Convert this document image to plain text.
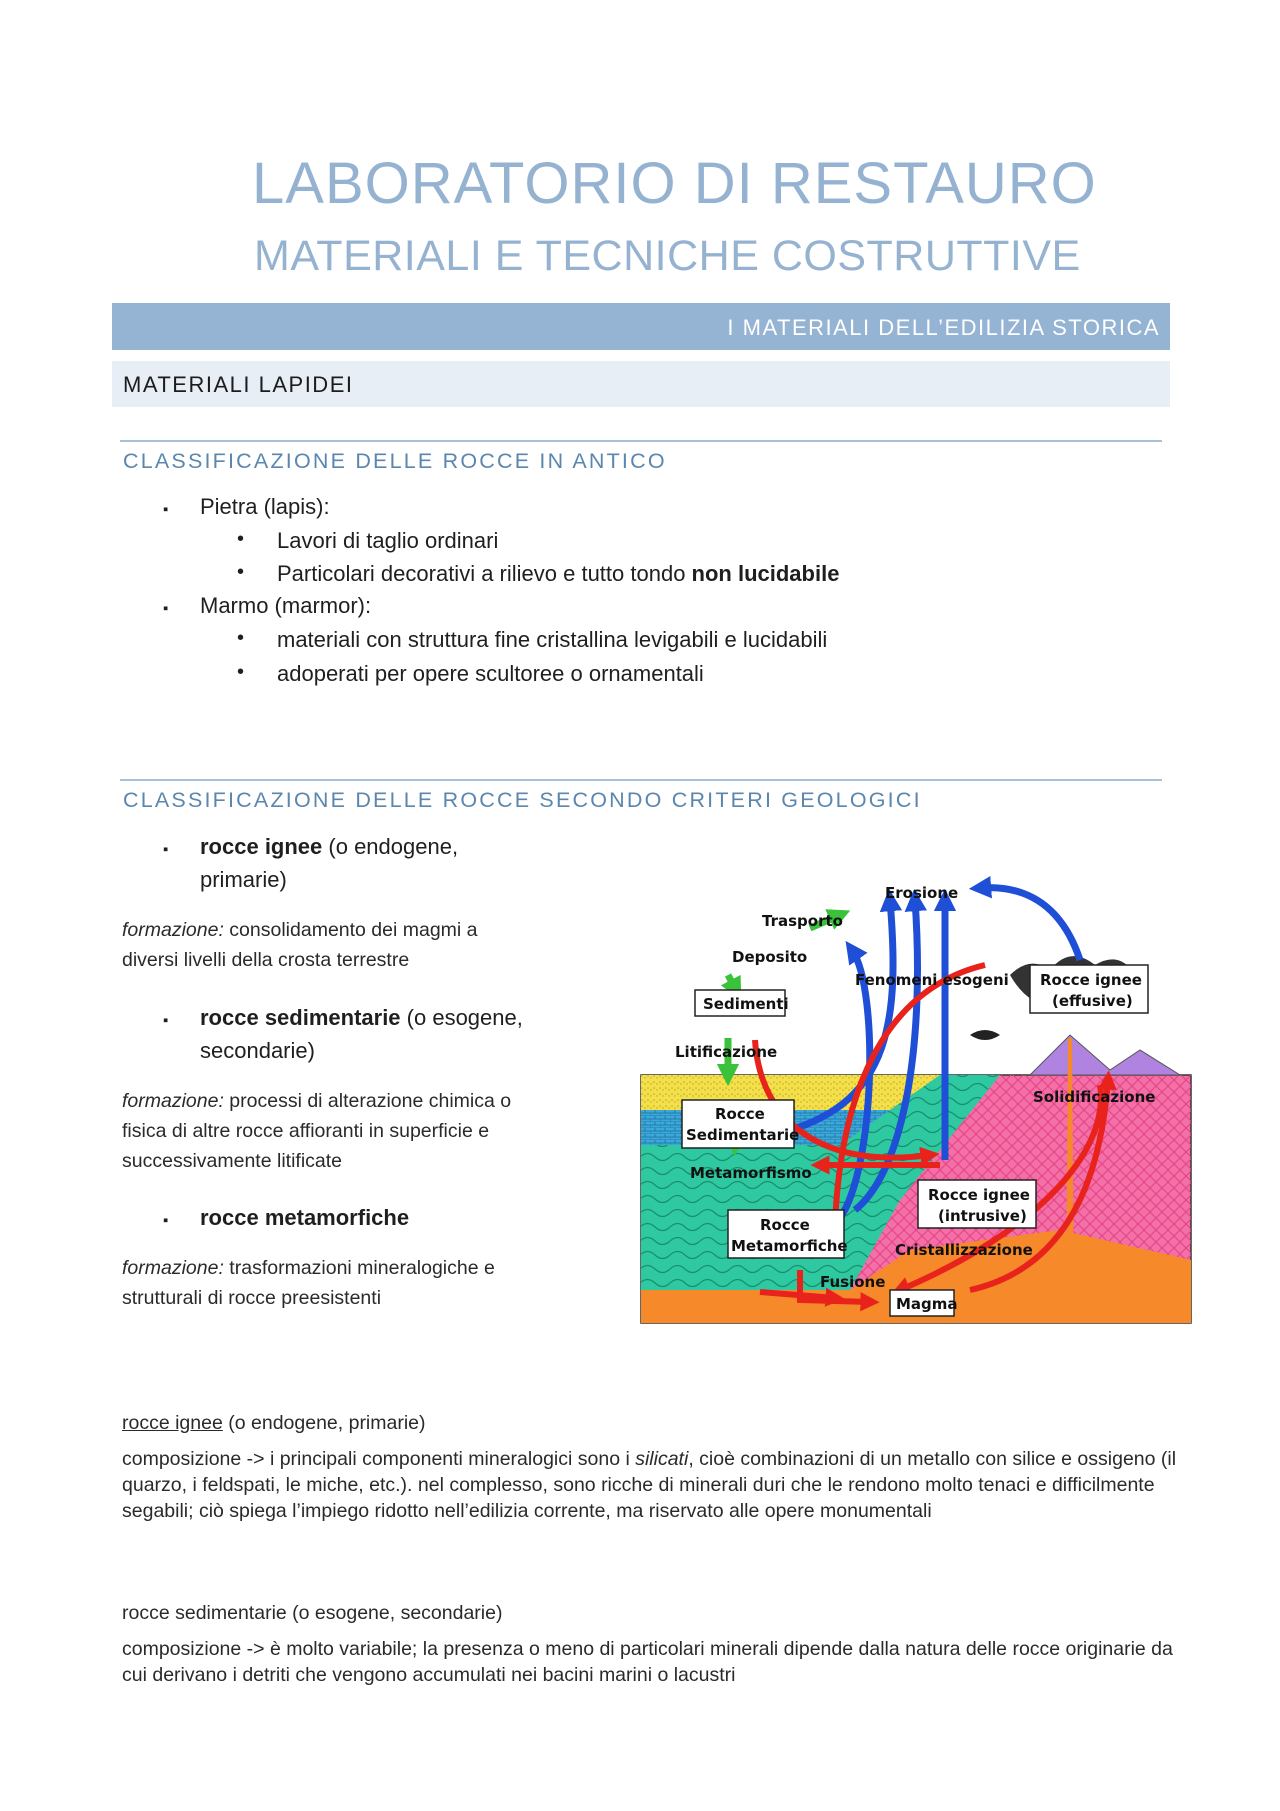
LABORATORIO DI RESTAURO
MATERIALI E TECNICHE COSTRUTTIVE
I MATERIALI DELL’EDILIZIA STORICA
MATERIALI LAPIDEI
CLASSIFICAZIONE DELLE ROCCE IN ANTICO
▪ Pietra (lapis):
• Lavori di taglio ordinari
• Particolari decorativi a rilievo e tutto tondo non lucidabile
▪ Marmo (marmor):
• materiali con struttura fine cristallina levigabili e lucidabili
• adoperati per opere scultoree o ornamentali
CLASSIFICAZIONE DELLE ROCCE SECONDO CRITERI GEOLOGICI
▪ rocce ignee (o endogene,
primarie)
formazione: consolidamento dei magmi a
diversi livelli della crosta terrestre
▪ rocce sedimentarie (o esogene,
secondarie)
formazione: processi di alterazione chimica o
fisica di altre rocce affioranti in superficie e
successivamente litificate
▪ rocce metamorfiche
formazione: trasformazioni mineralogiche e
strutturali di rocce preesistenti
Erosione
Trasporto
Deposito
Sedimenti
Litificazione
Fenomeni esogeni Rocce ignee
(effusive)
Solidificazione
Rocce
Sedimentarie
Metamorfismo
Rocce ignee
(intrusive)
Rocce
Metamorfiche	Cristallizzazione
Fusione
Magma
rocce ignee (o endogene, primarie)
composizione -> i principali componenti mineralogici sono i silicati, cioè combinazioni di un metallo con silice e ossigeno (il quarzo, i feldspati, le miche, etc.). nel complesso, sono ricche di minerali duri che le rendono molto tenaci e difficilmente segabili; ciò spiega l’impiego ridotto nell’edilizia corrente, ma riservato alle opere monumentali
rocce sedimentarie (o esogene, secondarie)
composizione -> è molto variabile; la presenza o meno di particolari minerali dipende dalla natura delle rocce originarie da cui derivano i detriti che vengono accumulati nei bacini marini o lacustri
